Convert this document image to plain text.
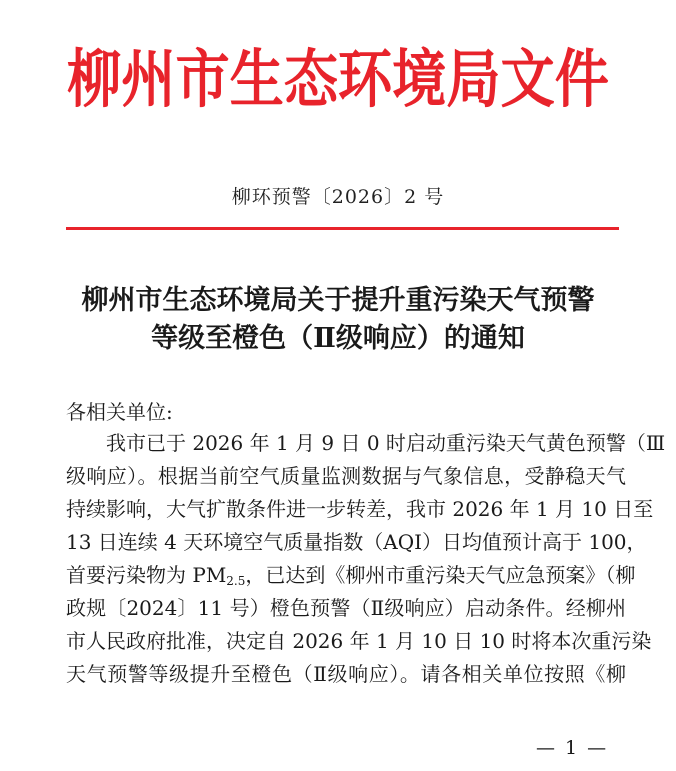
柳州市生态环境局文件
柳环预警〔2026〕2 号
柳州市生态环境局关于提升重污染天气预警
等级至橙色（Ⅱ级响应）的通知
各相关单位:
我市已于 2026 年 1 月 9 日 0 时启动重污染天气黄色预警（Ⅲ
级响应）。根据当前空气质量监测数据与气象信息，受静稳天气
持续影响，大气扩散条件进一步转差，我市 2026 年 1 月 10 日至
13 日连续 4 天环境空气质量指数（AQI）日均值预计高于 100，
首要污染物为 $PM_{2.5}$，已达到《柳州市重污染天气应急预案》（柳
政规〔2024〕11 号）橙色预警（Ⅱ级响应）启动条件。经柳州
市人民政府批准，决定自 2026 年 1 月 10 日 10 时将本次重污染
天气预警等级提升至橙色（Ⅱ级响应）。请各相关单位按照《柳
— 1 —
